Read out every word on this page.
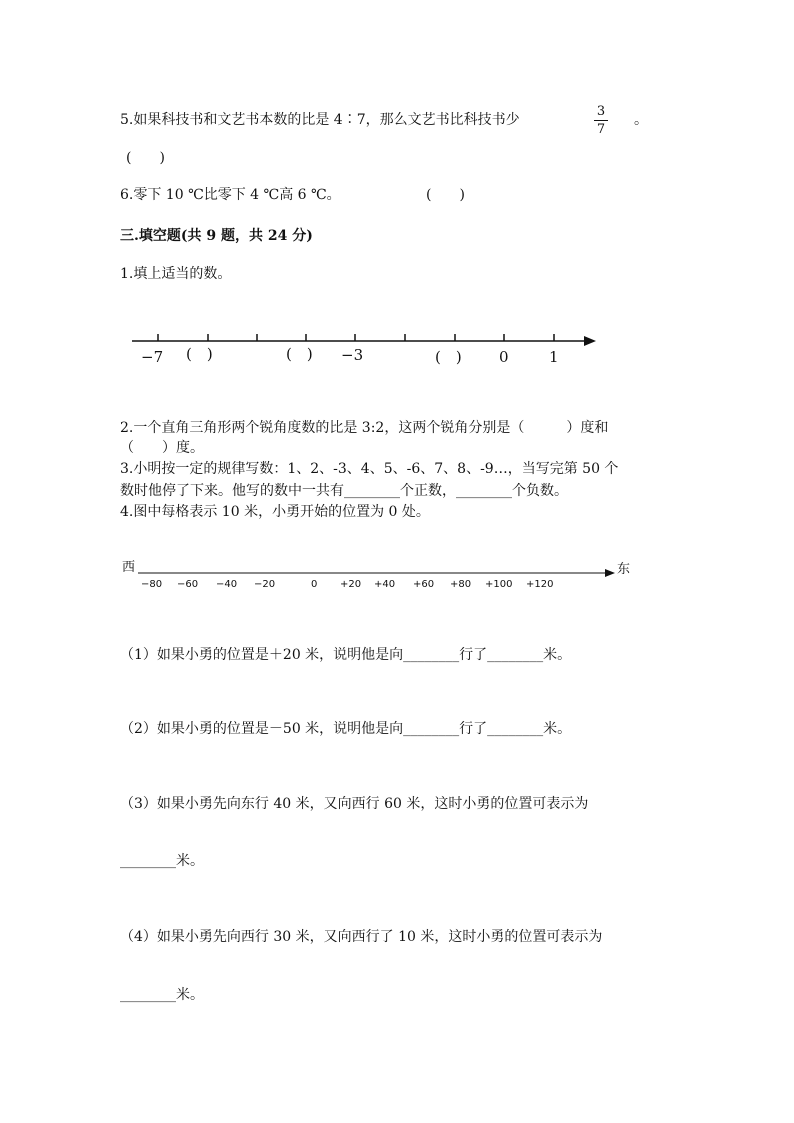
5.如果科技书和文艺书本数的比是 4∶7，那么文艺书比科技书少
3
7
。
(　　)
6.零下 10 ℃比零下 4 ℃高 6 ℃。	(　　)
三.填空题(共 9 题，共 24 分)
1.填上适当的数。
−7 (　)	(　) −3	(　) 0	1
2.一个直角三角形两个锐角度数的比是 3:2，这两个锐角分别是（　　　）度和
（　　）度。
3.小明按一定的规律写数：1、2、-3、4、5、-6、7、8、-9…，当写完第 50 个
数时他停了下来。他写的数中一共有________个正数，________个负数。
4.图中每格表示 10 米，小勇开始的位置为 0 处。
西	东
−80 −60 −40 −20	0 +20 +40 +60 +80 +100 +120
（1）如果小勇的位置是＋20 米，说明他是向________行了________米。
（2）如果小勇的位置是－50 米，说明他是向________行了________米。
（3）如果小勇先向东行 40 米，又向西行 60 米，这时小勇的位置可表示为
________米。
（4）如果小勇先向西行 30 米，又向西行了 10 米，这时小勇的位置可表示为
________米。
